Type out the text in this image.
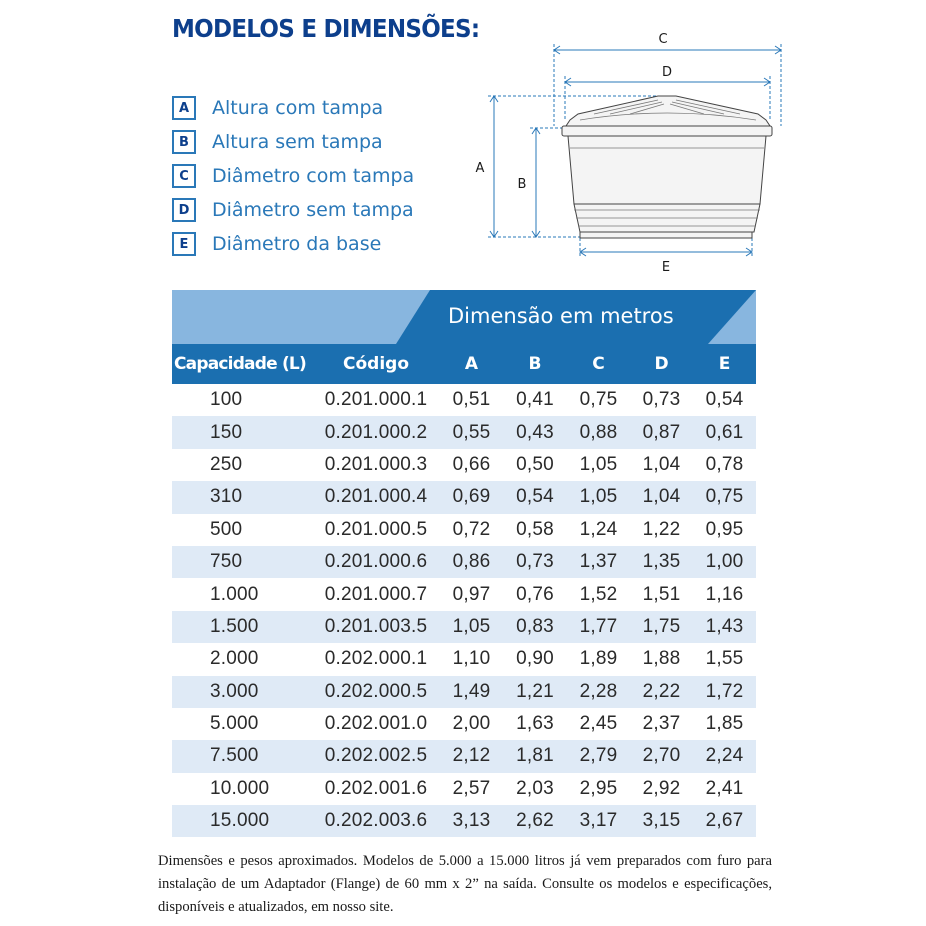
MODELOS E DIMENSÕES:
A	Altura com tampa
B	Altura sem tampa
C	Diâmetro com tampa
D	Diâmetro sem tampa
E	Diâmetro da base
C
D
A
B
E
Dimensão em metros
Capacidade (L)	Código	A	B	C	D	E
100	0.201.000.1	0,51	0,41	0,75	0,73	0,54
150	0.201.000.2	0,55	0,43	0,88	0,87	0,61
250	0.201.000.3	0,66	0,50	1,05	1,04	0,78
310	0.201.000.4	0,69	0,54	1,05	1,04	0,75
500	0.201.000.5	0,72	0,58	1,24	1,22	0,95
750	0.201.000.6	0,86	0,73	1,37	1,35	1,00
1.000	0.201.000.7	0,97	0,76	1,52	1,51	1,16
1.500	0.201.003.5	1,05	0,83	1,77	1,75	1,43
2.000	0.202.000.1	1,10	0,90	1,89	1,88	1,55
3.000	0.202.000.5	1,49	1,21	2,28	2,22	1,72
5.000	0.202.001.0	2,00	1,63	2,45	2,37	1,85
7.500	0.202.002.5	2,12	1,81	2,79	2,70	2,24
10.000	0.202.001.6	2,57	2,03	2,95	2,92	2,41
15.000	0.202.003.6	3,13	2,62	3,17	3,15	2,67

Dimensões e pesos aproximados. Modelos de 5.000 a 15.000 litros já vem preparados com furo para instalação de um Adaptador (Flange) de 60 mm x 2” na saída. Consulte os modelos e especificações, disponíveis e atualizados, em nosso site.
